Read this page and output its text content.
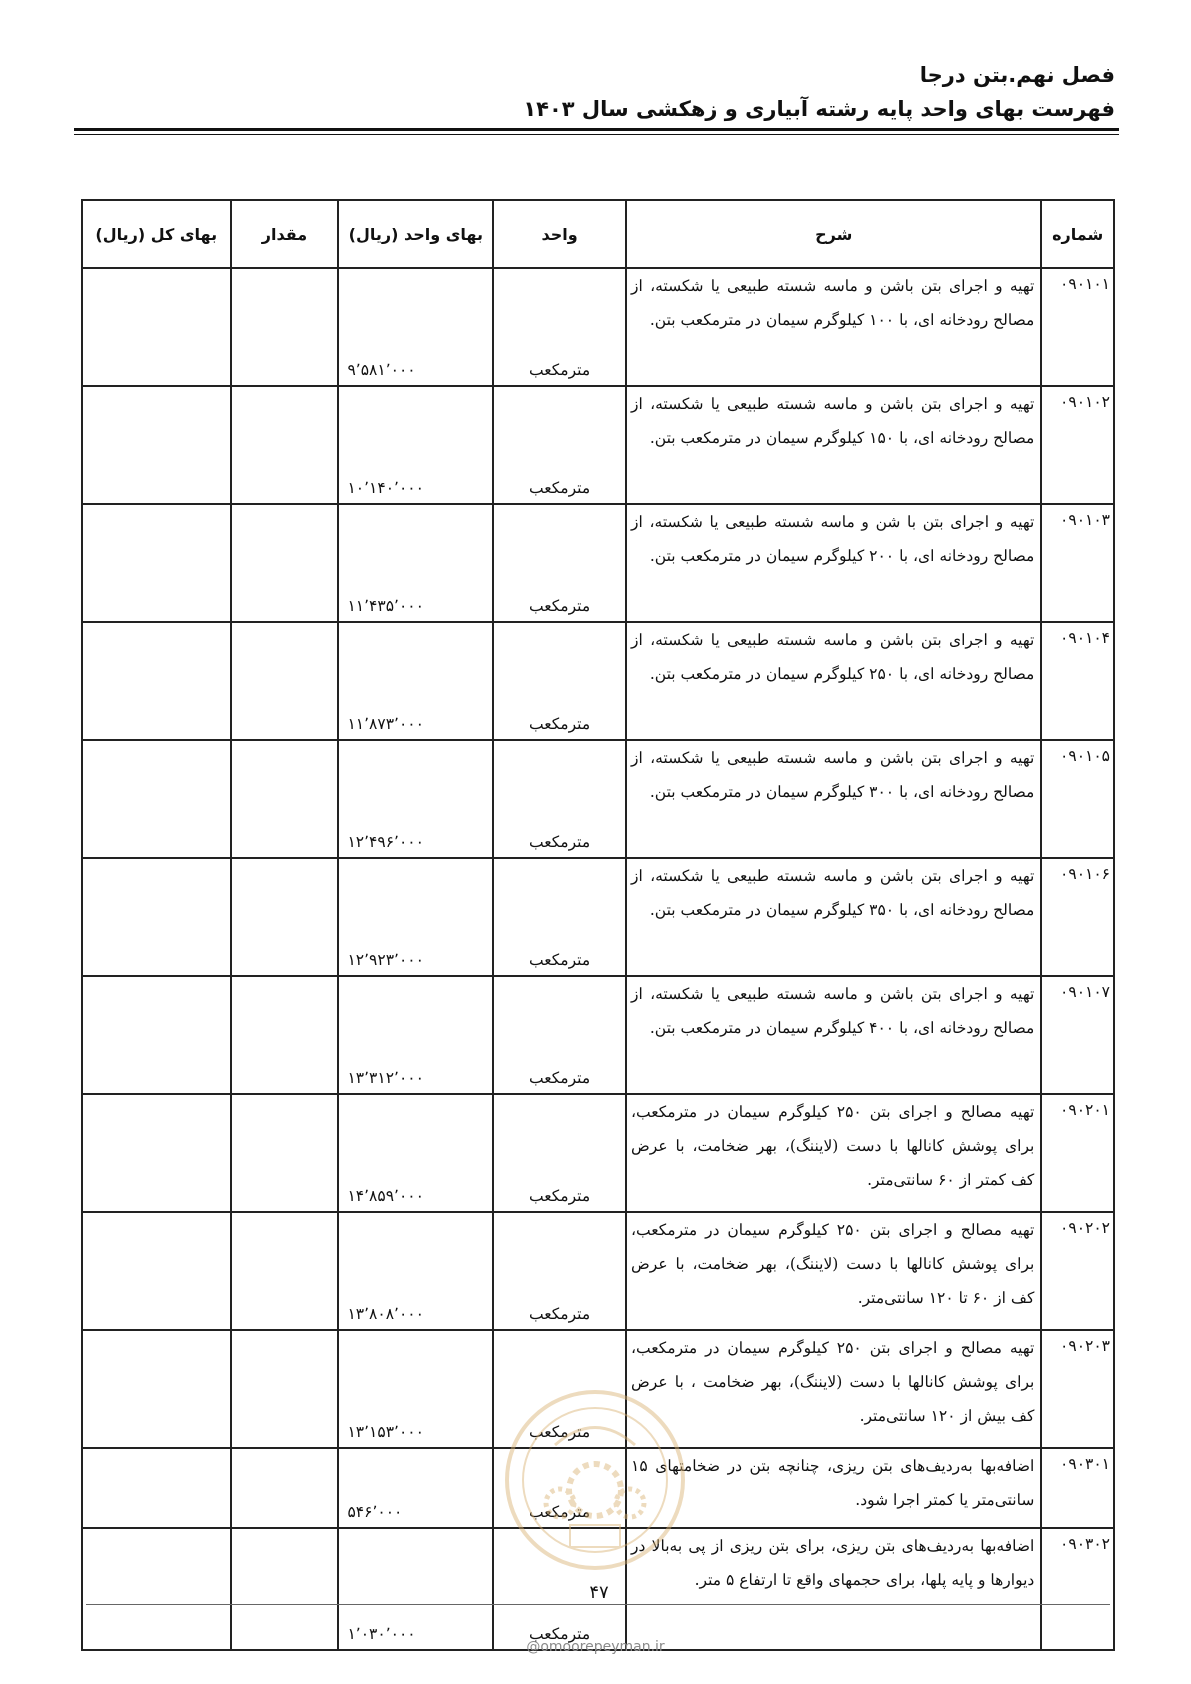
فصل نهم.بتن درجا
فهرست بهای واحد پایه رشته آبیاری و زهکشی سال ۱۴۰۳
شماره	شرح	واحد	بهای واحد (ریال)	مقدار	بهای کل (ریال)
۰۹۰۱۰۱	تهیه و اجرای بتن باشن و ماسه شسته طبیعی یا شکسته، از مصالح رودخانه ای، با ۱۰۰ کیلوگرم سیمان در مترمکعب بتن.	مترمکعب	۹٬۵۸۱٬۰۰۰		
۰۹۰۱۰۲	تهیه و اجرای بتن باشن و ماسه شسته طبیعی یا شکسته، از مصالح رودخانه ای، با ۱۵۰ کیلوگرم سیمان در مترمکعب بتن.	مترمکعب	۱۰٬۱۴۰٬۰۰۰		
۰۹۰۱۰۳	تهیه و اجرای بتن با شن و ماسه شسته طبیعی یا شکسته، از مصالح رودخانه ای، با ۲۰۰ کیلوگرم سیمان در مترمکعب بتن.	مترمکعب	۱۱٬۴۳۵٬۰۰۰		
۰۹۰۱۰۴	تهیه و اجرای بتن باشن و ماسه شسته طبیعی یا شکسته، از مصالح رودخانه ای، با ۲۵۰ کیلوگرم سیمان در مترمکعب بتن.	مترمکعب	۱۱٬۸۷۳٬۰۰۰		
۰۹۰۱۰۵	تهیه و اجرای بتن باشن و ماسه شسته طبیعی یا شکسته، از مصالح رودخانه ای، با ۳۰۰ کیلوگرم سیمان در مترمکعب بتن.	مترمکعب	۱۲٬۴۹۶٬۰۰۰		
۰۹۰۱۰۶	تهیه و اجرای بتن باشن و ماسه شسته طبیعی یا شکسته، از مصالح رودخانه ای، با ۳۵۰ کیلوگرم سیمان در مترمکعب بتن.	مترمکعب	۱۲٬۹۲۳٬۰۰۰		
۰۹۰۱۰۷	تهیه و اجرای بتن باشن و ماسه شسته طبیعی یا شکسته، از مصالح رودخانه ای، با ۴۰۰ کیلوگرم سیمان در مترمکعب بتن.	مترمکعب	۱۳٬۳۱۲٬۰۰۰		
۰۹۰۲۰۱	تهیه مصالح و اجرای بتن ۲۵۰ کیلوگرم سیمان در مترمکعب، برای پوشش کانالها با دست (لایننگ)، بهر ضخامت، با عرض کف کمتر از ۶۰ سانتی‌متر.	مترمکعب	۱۴٬۸۵۹٬۰۰۰		
۰۹۰۲۰۲	تهیه مصالح و اجرای بتن ۲۵۰ کیلوگرم سیمان در مترمکعب، برای پوشش کانالها با دست (لایننگ)، بهر ضخامت، با عرض کف از ۶۰ تا ۱۲۰ سانتی‌متر.	مترمکعب	۱۳٬۸۰۸٬۰۰۰		
۰۹۰۲۰۳	تهیه مصالح و اجرای بتن ۲۵۰ کیلوگرم سیمان در مترمکعب، برای پوشش کانالها با دست (لایننگ)، بهر ضخامت ، با عرض کف بیش از ۱۲۰ سانتی‌متر.	مترمکعب	۱۳٬۱۵۳٬۰۰۰		
۰۹۰۳۰۱	اضافه‌بها به‌ردیف‌های بتن ریزی، چنانچه بتن در ضخامتهای ۱۵ سانتی‌متر یا کمتر اجرا شود.	مترمکعب	۵۴۶٬۰۰۰		
۰۹۰۳۰۲	اضافه‌بها به‌ردیف‌های بتن ریزی، برای بتن ریزی از پی به‌بالا در دیوارها و پایه پلها، برای حجمهای واقع تا ارتفاع ۵ متر.	مترمکعب	۱٬۰۳۰٬۰۰۰		
۴۷
@omoorepeyman.ir
